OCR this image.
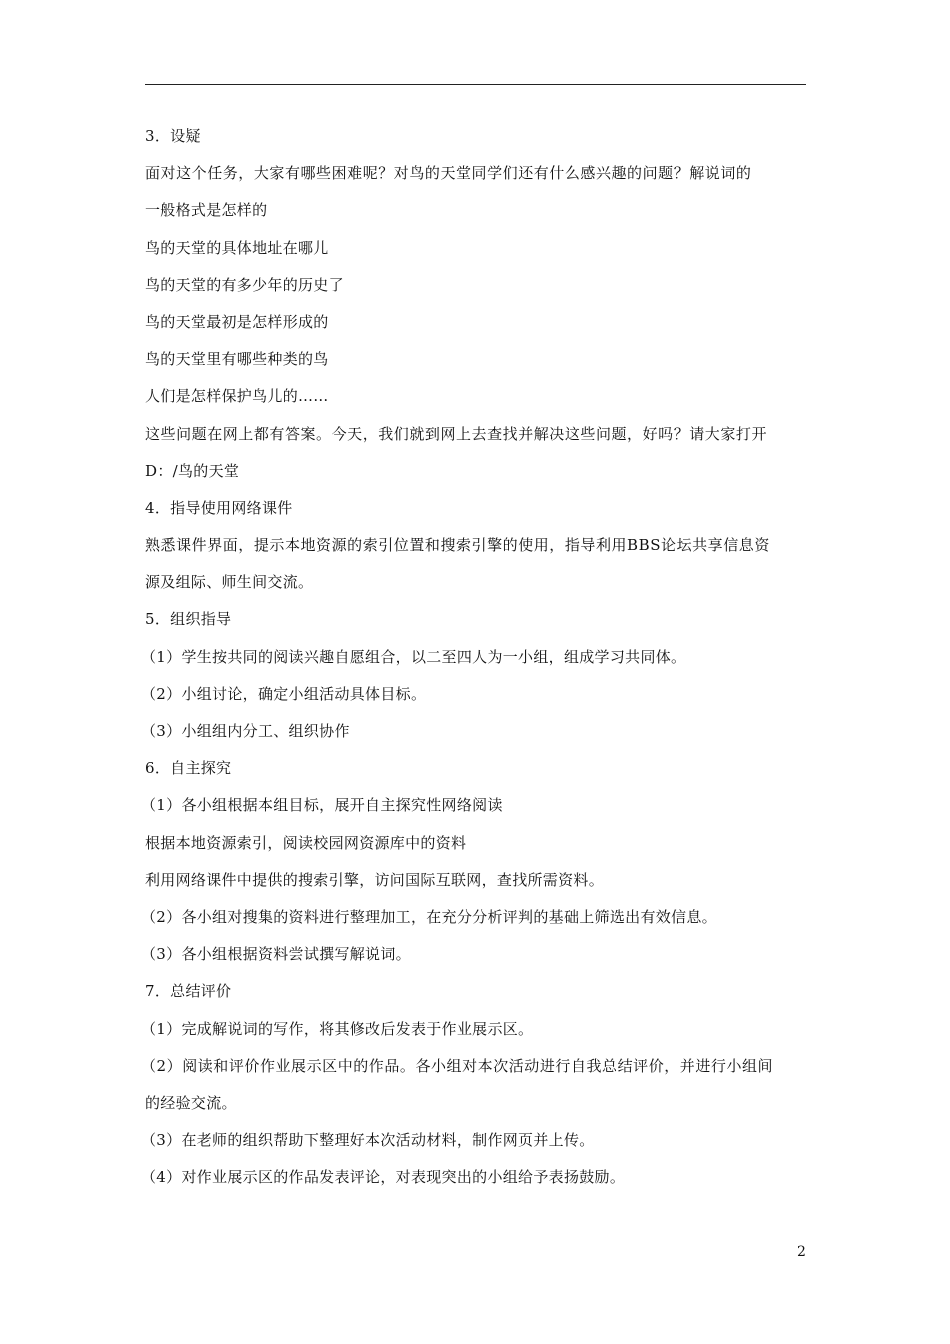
3．设疑
面对这个任务，大家有哪些困难呢？对鸟的天堂同学们还有什么感兴趣的问题？解说词的
一般格式是怎样的
鸟的天堂的具体地址在哪儿
鸟的天堂的有多少年的历史了
鸟的天堂最初是怎样形成的
鸟的天堂里有哪些种类的鸟
人们是怎样保护鸟儿的……
这些问题在网上都有答案。今天，我们就到网上去查找并解决这些问题，好吗？请大家打开
D：/鸟的天堂
4．指导使用网络课件
熟悉课件界面，提示本地资源的索引位置和搜索引擎的使用，指导利用BBS论坛共享信息资
源及组际、师生间交流。
5．组织指导
（1）学生按共同的阅读兴趣自愿组合，以二至四人为一小组，组成学习共同体。
（2）小组讨论，确定小组活动具体目标。
（3）小组组内分工、组织协作
6．自主探究
（1）各小组根据本组目标，展开自主探究性网络阅读
根据本地资源索引，阅读校园网资源库中的资料
利用网络课件中提供的搜索引擎，访问国际互联网，查找所需资料。
（2）各小组对搜集的资料进行整理加工，在充分分析评判的基础上筛选出有效信息。
（3）各小组根据资料尝试撰写解说词。
7．总结评价
（1）完成解说词的写作，将其修改后发表于作业展示区。
（2）阅读和评价作业展示区中的作品。各小组对本次活动进行自我总结评价，并进行小组间
的经验交流。
（3）在老师的组织帮助下整理好本次活动材料，制作网页并上传。
（4）对作业展示区的作品发表评论，对表现突出的小组给予表扬鼓励。
2
